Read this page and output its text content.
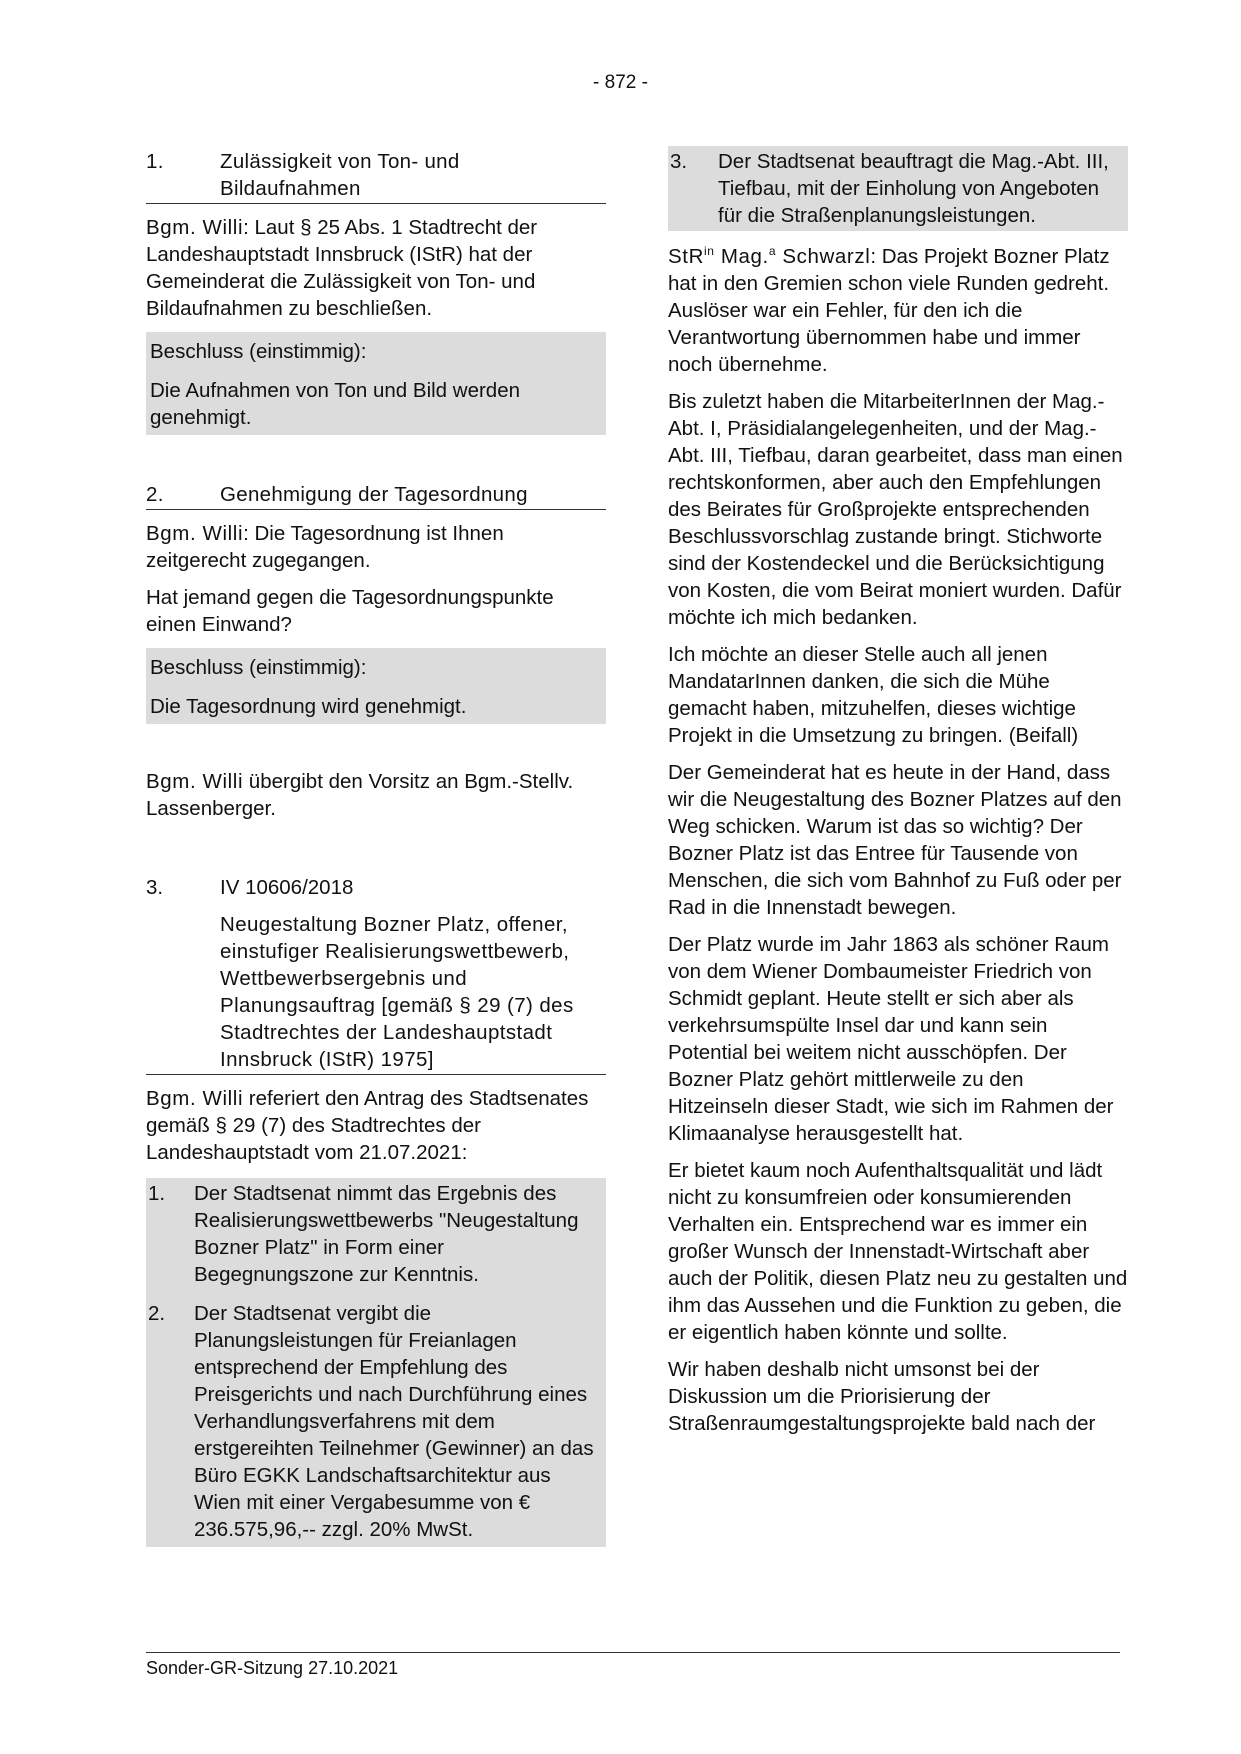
- 872 -
1.	Zulässigkeit von Ton- und Bildaufnahmen

Bgm. Willi: Laut § 25 Abs. 1 Stadtrecht der Landeshauptstadt Innsbruck (IStR) hat der Gemeinderat die Zulässigkeit von Ton- und Bildaufnahmen zu beschließen.

Beschluss (einstimmig):
Die Aufnahmen von Ton und Bild werden genehmigt.
2.	Genehmigung der Tagesordnung

Bgm. Willi: Die Tagesordnung ist Ihnen zeitgerecht zugegangen.

Hat jemand gegen die Tagesordnungspunkte einen Einwand?

Beschluss (einstimmig):
Die Tagesordnung wird genehmigt.

Bgm. Willi übergibt den Vorsitz an Bgm.-Stellv. Lassenberger.

3.	IV 10606/2018
Neugestaltung Bozner Platz, offener, einstufiger Realisierungswettbewerb, Wettbewerbsergebnis und Planungsauftrag [gemäß § 29 (7) des Stadtrechtes der Landeshauptstadt Innsbruck (IStR) 1975]

Bgm. Willi referiert den Antrag des Stadtsenates gemäß § 29 (7) des Stadtrechtes der Landeshauptstadt vom 21.07.2021:

1.	Der Stadtsenat nimmt das Ergebnis des Realisierungswettbewerbs "Neugestaltung Bozner Platz" in Form einer Begegnungszone zur Kenntnis.
2.	Der Stadtsenat vergibt die Planungsleistungen für Freianlagen entsprechend der Empfehlung des Preisgerichts und nach Durchführung eines Verhandlungsverfahrens mit dem erstgereihten Teilnehmer (Gewinner) an das Büro EGKK Landschaftsarchitektur aus Wien mit einer Vergabesumme von € 236.575,96,-- zzgl. 20% MwSt.
3.	Der Stadtsenat beauftragt die Mag.-Abt. III, Tiefbau, mit der Einholung von Angeboten für die Straßenplanungsleistungen.

StR$^{in}$ Mag.$^a$ Schwarzl: Das Projekt Bozner Platz hat in den Gremien schon viele Runden gedreht. Auslöser war ein Fehler, für den ich die Verantwortung übernommen habe und immer noch übernehme.

Bis zuletzt haben die MitarbeiterInnen der Mag.-Abt. I, Präsidialangelegenheiten, und der Mag.-Abt. III, Tiefbau, daran gearbeitet, dass man einen rechtskonformen, aber auch den Empfehlungen des Beirates für Großprojekte entsprechenden Beschlussvorschlag zustande bringt. Stichworte sind der Kostendeckel und die Berücksichtigung von Kosten, die vom Beirat moniert wurden. Dafür möchte ich mich bedanken.

Ich möchte an dieser Stelle auch all jenen MandatarInnen danken, die sich die Mühe gemacht haben, mitzuhelfen, dieses wichtige Projekt in die Umsetzung zu bringen. (Beifall)

Der Gemeinderat hat es heute in der Hand, dass wir die Neugestaltung des Bozner Platzes auf den Weg schicken. Warum ist das so wichtig? Der Bozner Platz ist das Entree für Tausende von Menschen, die sich vom Bahnhof zu Fuß oder per Rad in die Innenstadt bewegen.

Der Platz wurde im Jahr 1863 als schöner Raum von dem Wiener Dombaumeister Friedrich von Schmidt geplant. Heute stellt er sich aber als verkehrsumspülte Insel dar und kann sein Potential bei weitem nicht ausschöpfen. Der Bozner Platz gehört mittlerweile zu den Hitzeinseln dieser Stadt, wie sich im Rahmen der Klimaanalyse herausgestellt hat.

Er bietet kaum noch Aufenthaltsqualität und lädt nicht zu konsumfreien oder konsumierenden Verhalten ein. Entsprechend war es immer ein großer Wunsch der Innenstadt-Wirtschaft aber auch der Politik, diesen Platz neu zu gestalten und ihm das Aussehen und die Funktion zu geben, die er eigentlich haben könnte und sollte.

Wir haben deshalb nicht umsonst bei der Diskussion um die Priorisierung der Straßenraumgestaltungsprojekte bald nach der

Sonder-GR-Sitzung 27.10.2021
